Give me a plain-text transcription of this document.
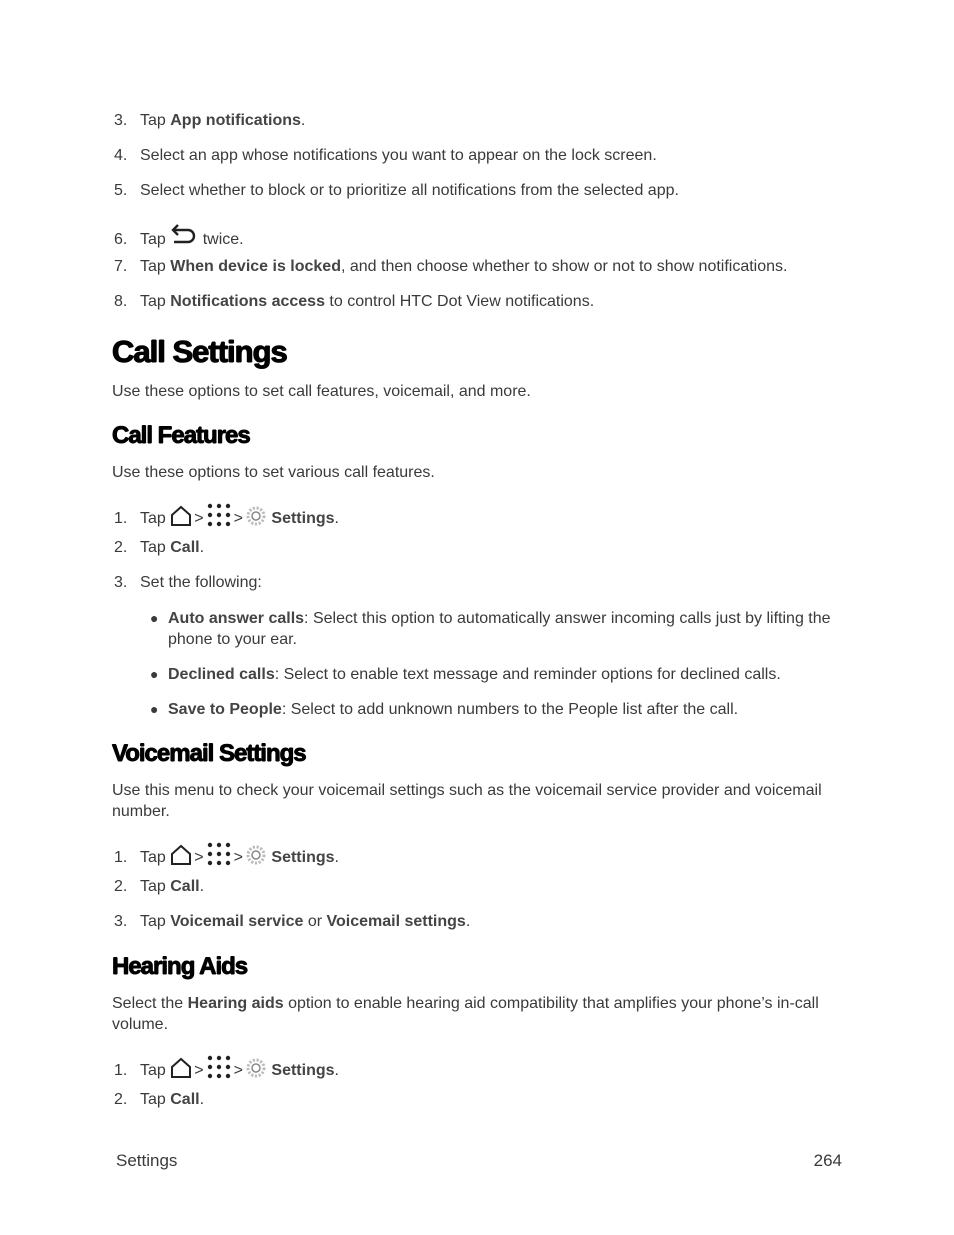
3. Tap App notifications.
4. Select an app whose notifications you want to appear on the lock screen.
5. Select whether to block or to prioritize all notifications from the selected app.
6. Tap  twice.
7. Tap When device is locked, and then choose whether to show or not to show notifications.
8. Tap Notifications access to control HTC Dot View notifications.
Call Settings
Use these options to set call features, voicemail, and more.
Call Features
Use these options to set various call features.
1. Tap > > Settings.
2. Tap Call.
3. Set the following:
● Auto answer calls: Select this option to automatically answer incoming calls just by lifting the phone to your ear.
● Declined calls: Select to enable text message and reminder options for declined calls.
● Save to People: Select to add unknown numbers to the People list after the call.
Voicemail Settings
Use this menu to check your voicemail settings such as the voicemail service provider and voicemail number.
1. Tap > > Settings.
2. Tap Call.
3. Tap Voicemail service or Voicemail settings.
Hearing Aids
Select the Hearing aids option to enable hearing aid compatibility that amplifies your phone’s in-call volume.
1. Tap > > Settings.
2. Tap Call.
Settings	264
